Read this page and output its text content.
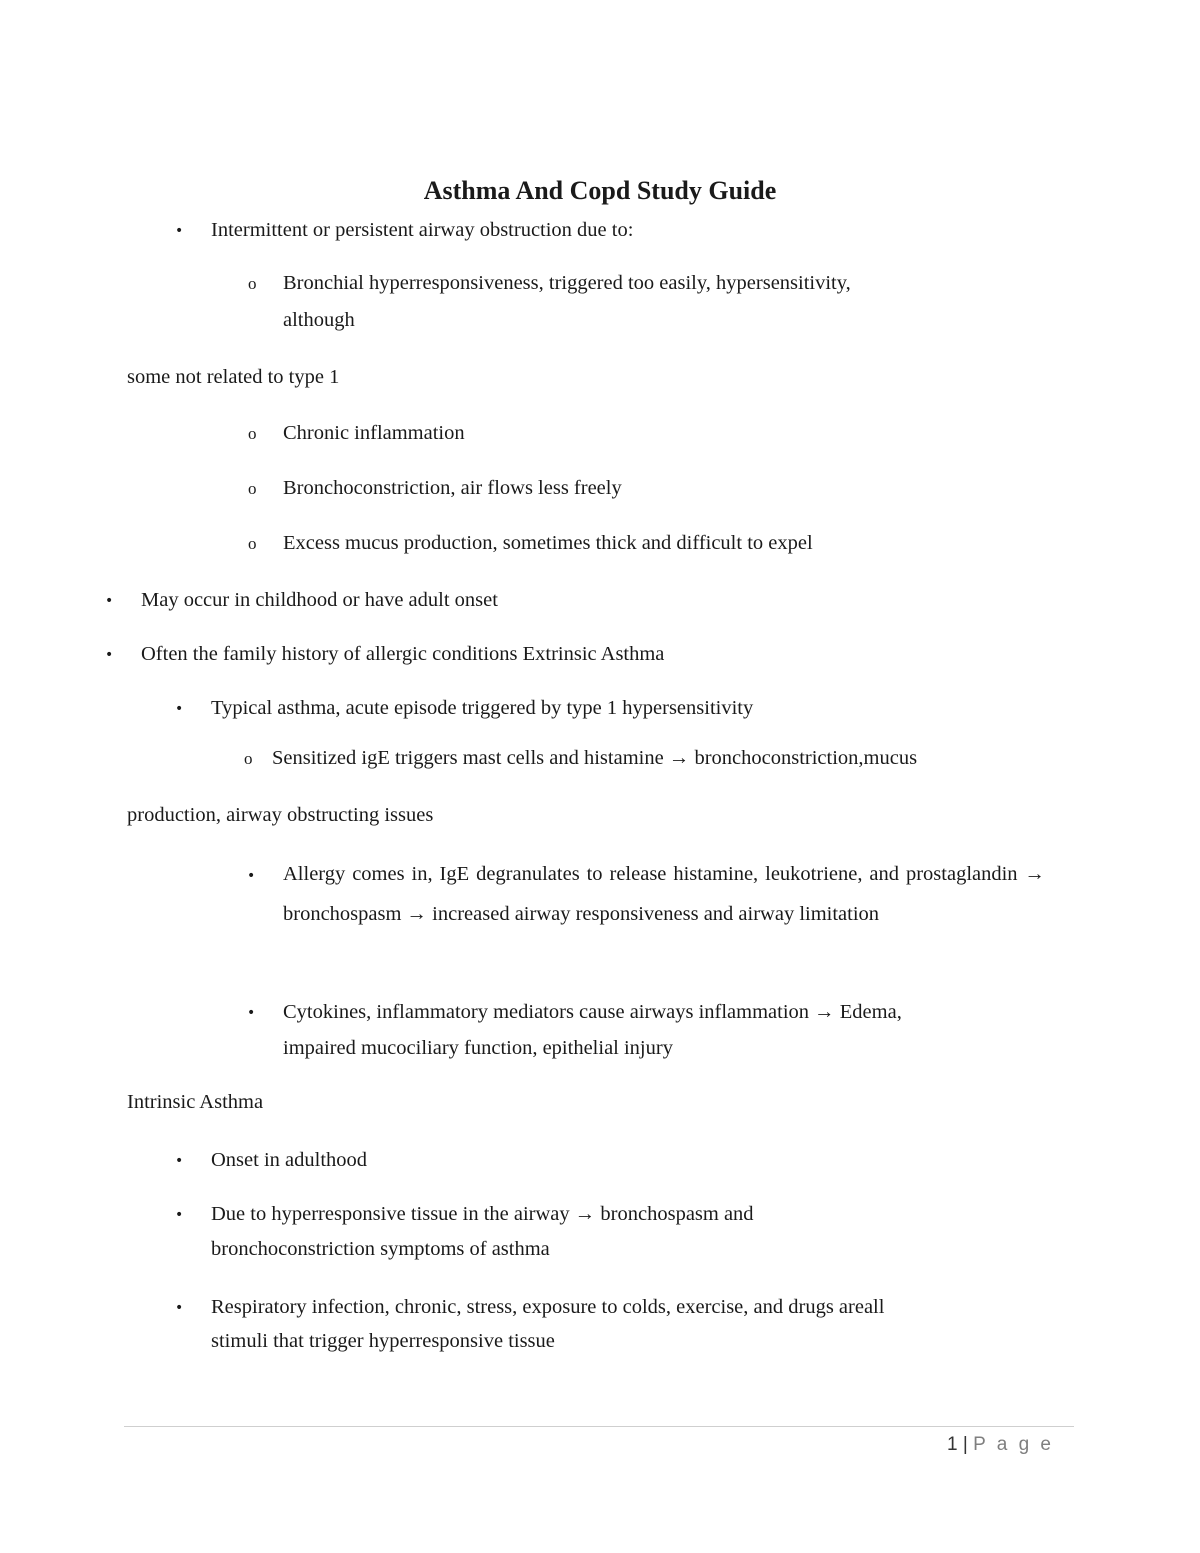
Asthma And Copd Study Guide
• Intermittent or persistent airway obstruction due to:
o Bronchial hyperresponsiveness, triggered too easily, hypersensitivity,
although
some not related to type 1
o Chronic inflammation
o Bronchoconstriction, air flows less freely
o Excess mucus production, sometimes thick and difficult to expel
• May occur in childhood or have adult onset
• Often the family history of allergic conditions Extrinsic Asthma
• Typical asthma, acute episode triggered by type 1 hypersensitivity
o Sensitized igE triggers mast cells and histamine → bronchoconstriction,mucus
production, airway obstructing issues
• Allergy comes in, IgE degranulates to release histamine, leukotriene, and prostaglandin → bronchospasm → increased airway responsiveness and airway limitation
• Cytokines, inflammatory mediators cause airways inflammation → Edema,
impaired mucociliary function, epithelial injury
Intrinsic Asthma
• Onset in adulthood
• Due to hyperresponsive tissue in the airway → bronchospasm and
bronchoconstriction symptoms of asthma
• Respiratory infection, chronic, stress, exposure to colds, exercise, and drugs areall
stimuli that trigger hyperresponsive tissue
1 | P a g e
